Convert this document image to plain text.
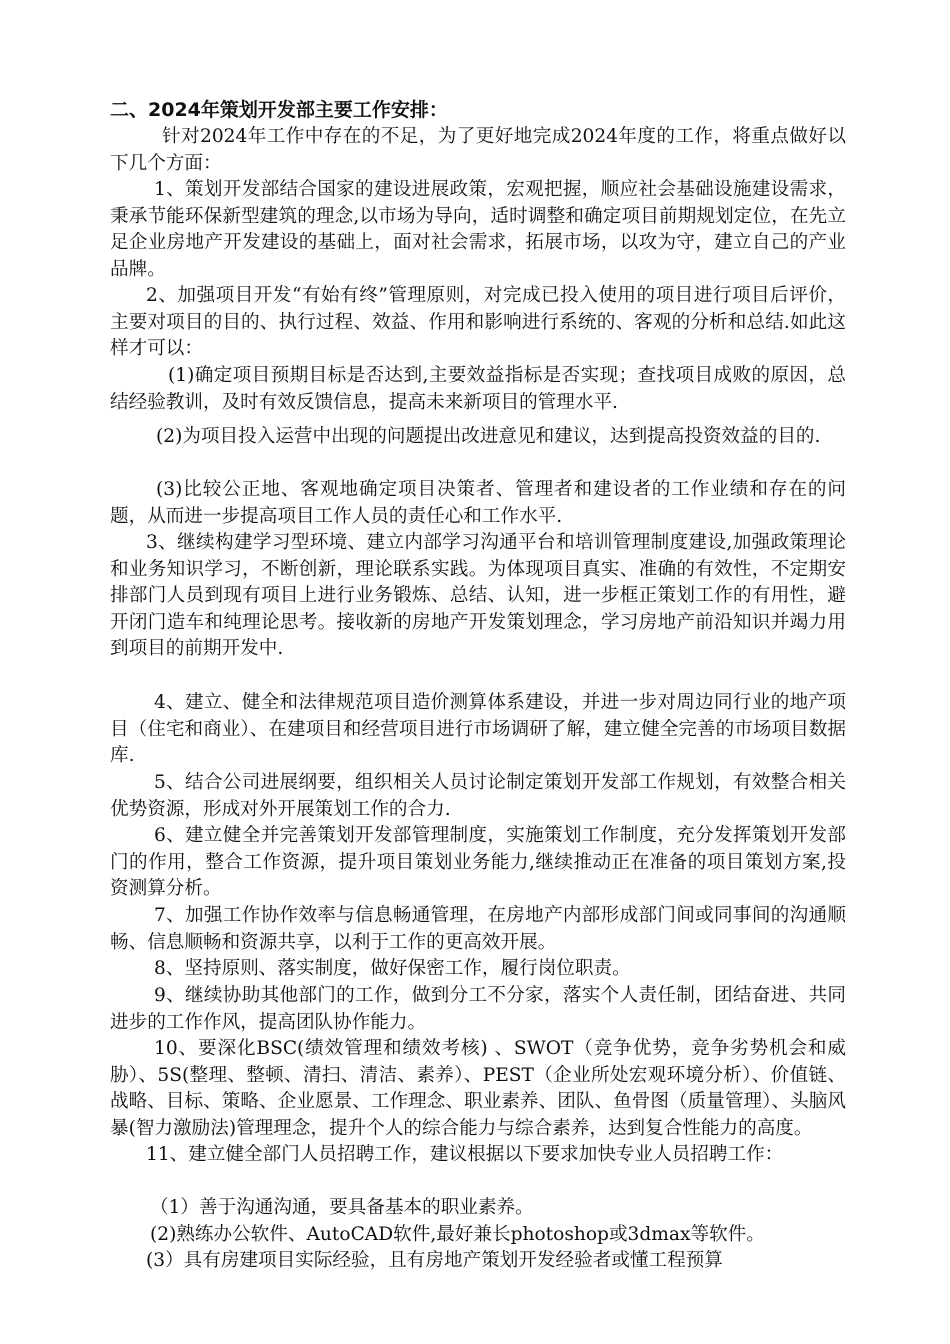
二、2024年策划开发部主要工作安排：

针对2024年工作中存在的不足，为了更好地完成2024年度的工作，将重点做好以下几个方面：

1、策划开发部结合国家的建设进展政策，宏观把握，顺应社会基础设施建设需求，秉承节能环保新型建筑的理念,以市场为导向，适时调整和确定项目前期规划定位，在先立足企业房地产开发建设的基础上，面对社会需求，拓展市场，以攻为守，建立自己的产业品牌。

2、加强项目开发“有始有终”管理原则，对完成已投入使用的项目进行项目后评价，主要对项目的目的、执行过程、效益、作用和影响进行系统的、客观的分析和总结.如此这样才可以：

(1)确定项目预期目标是否达到,主要效益指标是否实现；查找项目成败的原因，总结经验教训，及时有效反馈信息，提高未来新项目的管理水平.

(2)为项目投入运营中出现的问题提出改进意见和建议，达到提高投资效益的目的.

(3)比较公正地、客观地确定项目决策者、管理者和建设者的工作业绩和存在的问题，从而进一步提高项目工作人员的责任心和工作水平.

3、继续构建学习型环境、建立内部学习沟通平台和培训管理制度建设,加强政策理论和业务知识学习，不断创新，理论联系实践。为体现项目真实、准确的有效性，不定期安排部门人员到现有项目上进行业务锻炼、总结、认知，进一步框正策划工作的有用性，避开闭门造车和纯理论思考。接收新的房地产开发策划理念，学习房地产前沿知识并竭力用到项目的前期开发中.

4、建立、健全和法律规范项目造价测算体系建设，并进一步对周边同行业的地产项目（住宅和商业）、在建项目和经营项目进行市场调研了解，建立健全完善的市场项目数据库.

5、结合公司进展纲要，组织相关人员讨论制定策划开发部工作规划，有效整合相关优势资源，形成对外开展策划工作的合力.

6、建立健全并完善策划开发部管理制度，实施策划工作制度，充分发挥策划开发部门的作用，整合工作资源，提升项目策划业务能力,继续推动正在准备的项目策划方案,投资测算分析。

7、加强工作协作效率与信息畅通管理，在房地产内部形成部门间或同事间的沟通顺畅、信息顺畅和资源共享，以利于工作的更高效开展。

8、坚持原则、落实制度，做好保密工作，履行岗位职责。

9、继续协助其他部门的工作，做到分工不分家，落实个人责任制，团结奋进、共同进步的工作作风，提高团队协作能力。

10、要深化BSC(绩效管理和绩效考核) 、SWOT（竞争优势，竞争劣势机会和威胁）、5S(整理、整顿、清扫、清洁、素养）、PEST（企业所处宏观环境分析）、价值链、战略、目标、策略、企业愿景、工作理念、职业素养、团队、鱼骨图（质量管理）、头脑风暴(智力激励法)管理理念，提升个人的综合能力与综合素养，达到复合性能力的高度。

11、建立健全部门人员招聘工作，建议根据以下要求加快专业人员招聘工作：

（1）善于沟通沟通，要具备基本的职业素养。

(2)熟练办公软件、AutoCAD软件,最好兼长photoshop或3dmax等软件。

(3）具有房建项目实际经验，且有房地产策划开发经验者或懂工程预算
